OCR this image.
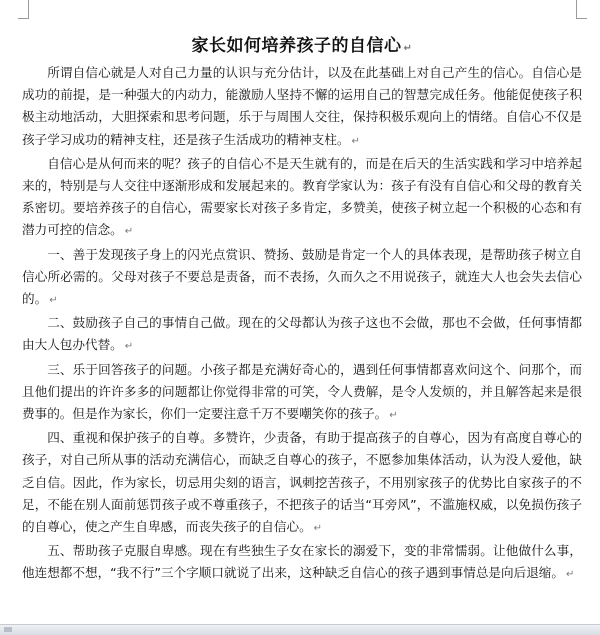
家长如何培养孩子的自信心 ↵

所谓自信心就是人对自己力量的认识与充分估计，以及在此基础上对自己产生的信心。自信心是成功的前提，是一种强大的内动力，能激励人坚持不懈的运用自己的智慧完成任务。他能促使孩子积极主动地活动，大胆探索和思考问题，乐于与周围人交往，保持积极乐观向上的情绪。自信心不仅是孩子学习成功的精神支柱，还是孩子生活成功的精神支柱。 ↵

自信心是从何而来的呢？孩子的自信心不是天生就有的，而是在后天的生活实践和学习中培养起来的，特别是与人交往中逐渐形成和发展起来的。教育学家认为：孩子有没有自信心和父母的教育关系密切。要培养孩子的自信心，需要家长对孩子多肯定，多赞美，使孩子树立起一个积极的心态和有潜力可控的信念。 ↵

一、善于发现孩子身上的闪光点赏识、赞扬、鼓励是肯定一个人的具体表现，是帮助孩子树立自信心所必需的。父母对孩子不要总是责备，而不表扬，久而久之不用说孩子，就连大人也会失去信心的。 ↵

二、鼓励孩子自己的事情自己做。现在的父母都认为孩子这也不会做，那也不会做，任何事情都由大人包办代替。 ↵

三、乐于回答孩子的问题。小孩子都是充满好奇心的，遇到任何事情都喜欢问这个、问那个，而且他们提出的许许多多的问题都让你觉得非常的可笑，令人费解，是令人发烦的，并且解答起来是很费事的。但是作为家长，你们一定要注意千万不要嘲笑你的孩子。 ↵

四、重视和保护孩子的自尊。多赞许，少责备，有助于提高孩子的自尊心，因为有高度自尊心的孩子，对自己所从事的活动充满信心，而缺乏自尊心的孩子，不愿参加集体活动，认为没人爱他，缺乏自信。因此，作为家长，切忌用尖刻的语言，讽刺挖苦孩子，不用别家孩子的优势比自家孩子的不足，不能在别人面前惩罚孩子或不尊重孩子，不把孩子的话当“耳旁风”，不滥施权威，以免损伤孩子的自尊心，使之产生自卑感，而丧失孩子的自信心。 ↵

五、帮助孩子克服自卑感。现在有些独生子女在家长的溺爱下，变的非常懦弱。让他做什么事，他连想都不想，“我不行”三个字顺口就说了出来，这种缺乏自信心的孩子遇到事情总是向后退缩。 ↵
